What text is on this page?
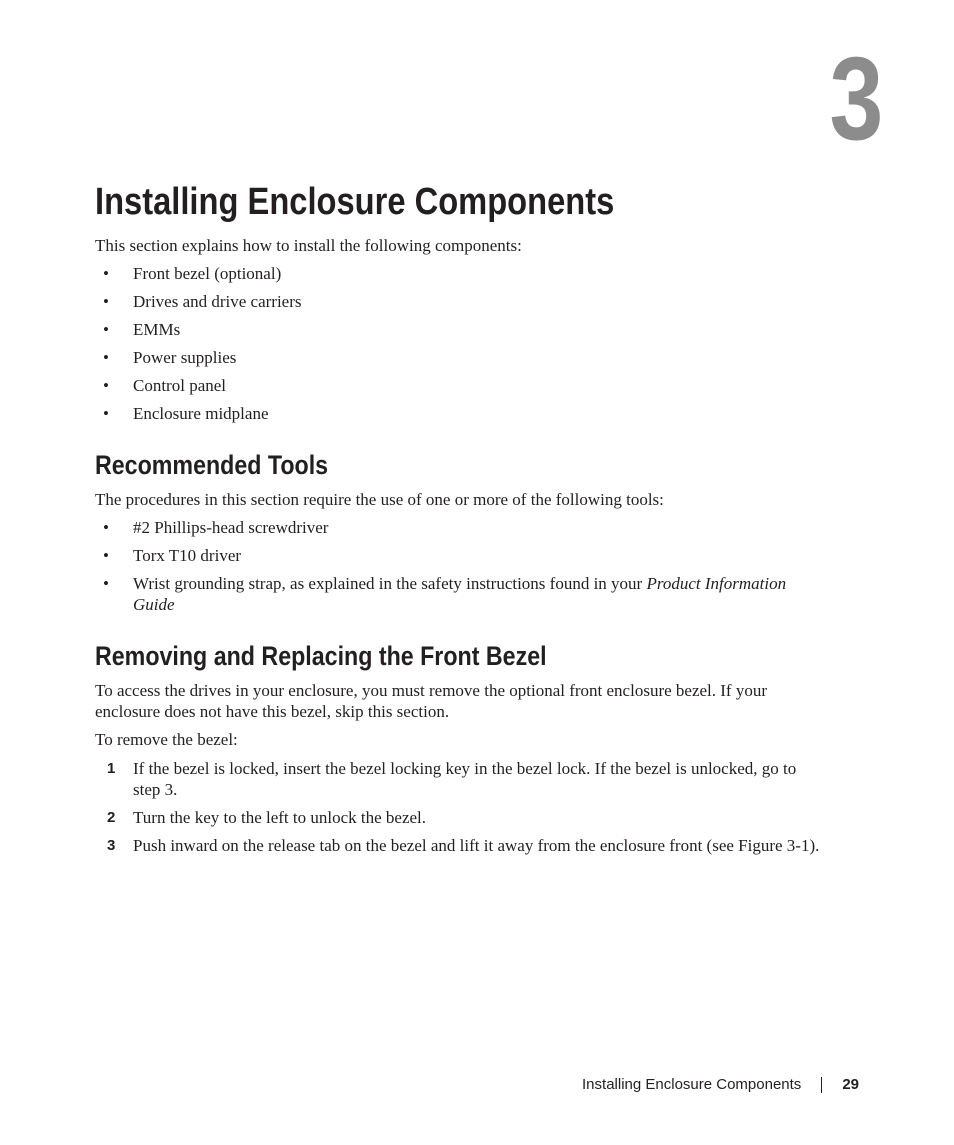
3
Installing Enclosure Components

This section explains how to install the following components:

• Front bezel (optional)
• Drives and drive carriers
• EMMs
• Power supplies
• Control panel
• Enclosure midplane
Recommended Tools

The procedures in this section require the use of one or more of the following tools:

• #2 Phillips-head screwdriver
• Torx T10 driver
• Wrist grounding strap, as explained in the safety instructions found in your Product Information Guide
Removing and Replacing the Front Bezel

To access the drives in your enclosure, you must remove the optional front enclosure bezel. If your enclosure does not have this bezel, skip this section.

To remove the bezel:

1 If the bezel is locked, insert the bezel locking key in the bezel lock. If the bezel is unlocked, go to step 3.
2 Turn the key to the left to unlock the bezel.
3 Push inward on the release tab on the bezel and lift it away from the enclosure front (see Figure 3-1).
Installing Enclosure Components	29
